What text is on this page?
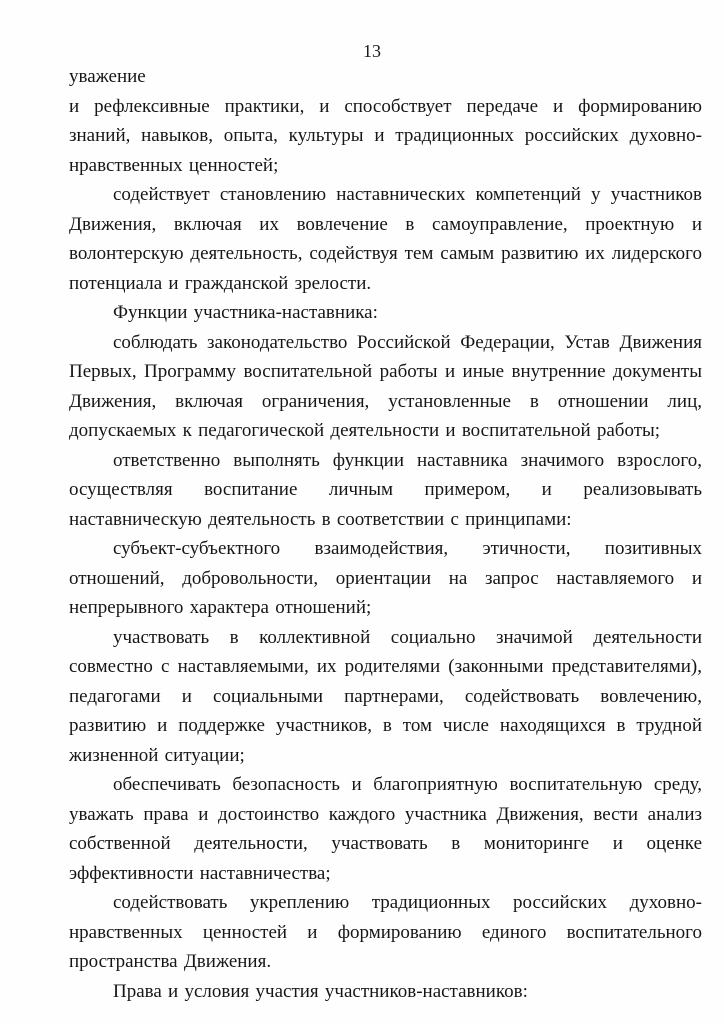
13

уважение

и рефлексивные практики, и способствует передаче и формированию знаний, навыков, опыта, культуры и традиционных российских духовно-нравственных ценностей;

содействует становлению наставнических компетенций у участников Движения, включая их вовлечение в самоуправление, проектную и волонтерскую деятельность, содействуя тем самым развитию их лидерского потенциала и гражданской зрелости.

Функции участника-наставника:

соблюдать законодательство Российской Федерации, Устав Движения Первых, Программу воспитательной работы и иные внутренние документы Движения, включая ограничения, установленные в отношении лиц, допускаемых к педагогической деятельности и воспитательной работы;

ответственно выполнять функции наставника значимого взрослого, осуществляя воспитание личным примером, и реализовывать наставническую деятельность в соответствии с принципами:

субъект-субъектного взаимодействия, этичности, позитивных отношений, добровольности, ориентации на запрос наставляемого и непрерывного характера отношений;

участвовать в коллективной социально значимой деятельности совместно с наставляемыми, их родителями (законными представителями), педагогами и социальными партнерами, содействовать вовлечению, развитию и поддержке участников, в том числе находящихся в трудной жизненной ситуации;

обеспечивать безопасность и благоприятную воспитательную среду, уважать права и достоинство каждого участника Движения, вести анализ собственной деятельности, участвовать в мониторинге и оценке эффективности наставничества;

содействовать укреплению традиционных российских духовно-нравственных ценностей и формированию единого воспитательного пространства Движения.

Права и условия участия участников-наставников:
